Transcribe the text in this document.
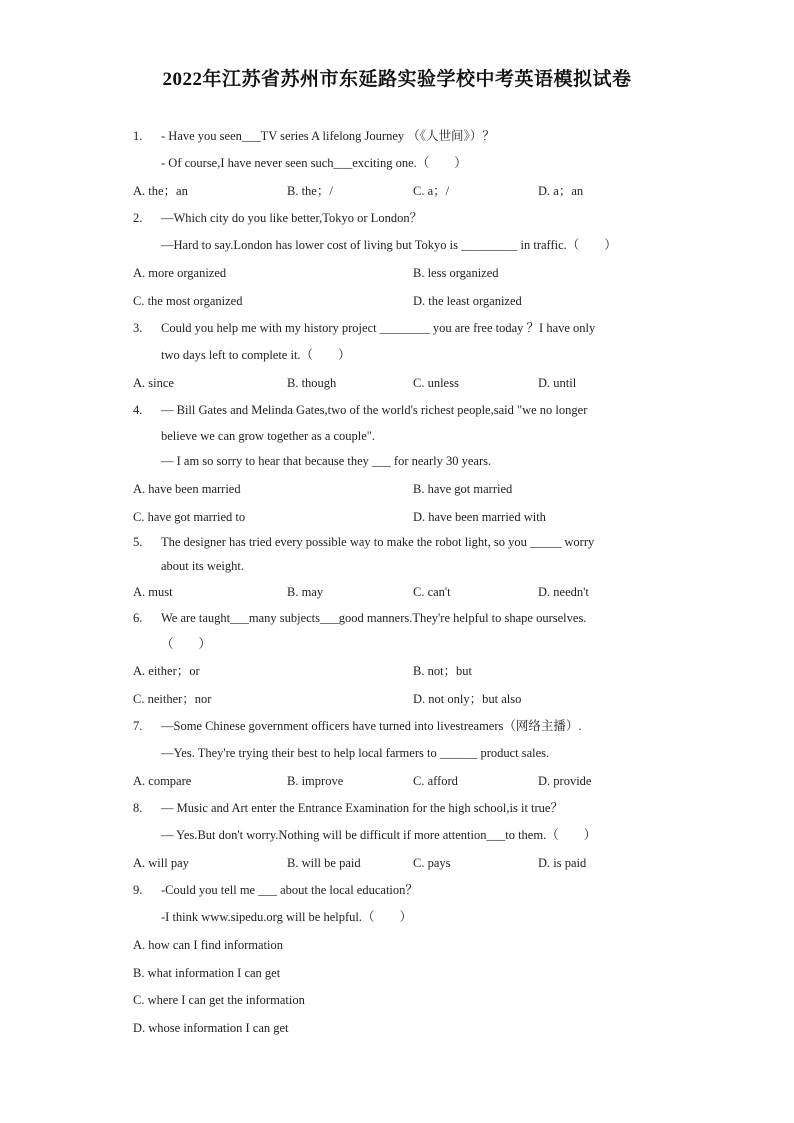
2022年江苏省苏州市东延路实验学校中考英语模拟试卷
1. - Have you seen___TV series A lifelong Journey （《人世间》）？
- Of course,I have never seen such___exciting one.（　　）
A. the；an	B. the；/	C. a；/	D. a；an
2. —Which city do you like better,Tokyo or London？
—Hard to say.London has lower cost of living but Tokyo is _________ in traffic.（　　）
A. more organized	B. less organized
C. the most organized	D. the least organized
3. Could you help me with my history project ________ you are free today ？I have only
two days left to complete it.（　　）
A. since	B. though	C. unless	D. until
4. — Bill Gates and Melinda Gates,two of the world's richest people,said "we no longer
believe we can grow together as a couple".
— I am so sorry to hear that because they ___ for nearly 30 years.
A. have been married	B. have got married
C. have got married to	D. have been married with
5. The designer has tried every possible way to make the robot light, so you _____ worry
about its weight.
A. must	B. may	C. can't	D. needn't
6. We are taught___many subjects___good manners.They're helpful to shape ourselves.
（　　）
A. either；or	B. not；but
C. neither；nor	D. not only；but also
7. —Some Chinese government officers have turned into livestreamers（网络主播）.
—Yes. They're trying their best to help local farmers to ______ product sales.
A. compare	B. improve	C. afford	D. provide
8. — Music and Art enter the Entrance Examination for the high school,is it true？
— Yes.But don't worry.Nothing will be difficult if more attention___to them.（　　）
A. will pay	B. will be paid	C. pays	D. is paid
9. -Could you tell me ___ about the local education？
-I think www.sipedu.org will be helpful.（　　）
A. how can I find information
B. what information I can get
C. where I can get the information
D. whose information I can get
